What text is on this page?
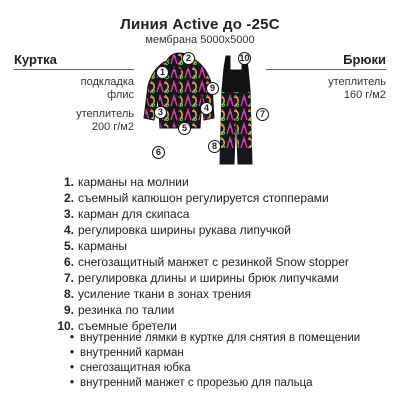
Линия Active до -25C
мембрана 5000х5000
Куртка
подкладка
флис
утеплитель
200 г/м2
Брюки
утеплитель
160 г/м2
1
2
3	4
5
6
7
8
9
10
1. карманы на молнии
2. съемный капюшон регулируется стопперами
3. карман для скипаса
4. регулировка ширины рукава липучкой
5. карманы
6. снегозащитный манжет с резинкой Snow stopper
7. регулировка длины и ширины брюк липучками
8. усиление ткани в зонах трения
9. резинка по талии
10. съемные бретели
• внутренние лямки в куртке для снятия в помещении
• внутренний карман
• снегозащитная юбка
• внутренний манжет с прорезью для пальца
